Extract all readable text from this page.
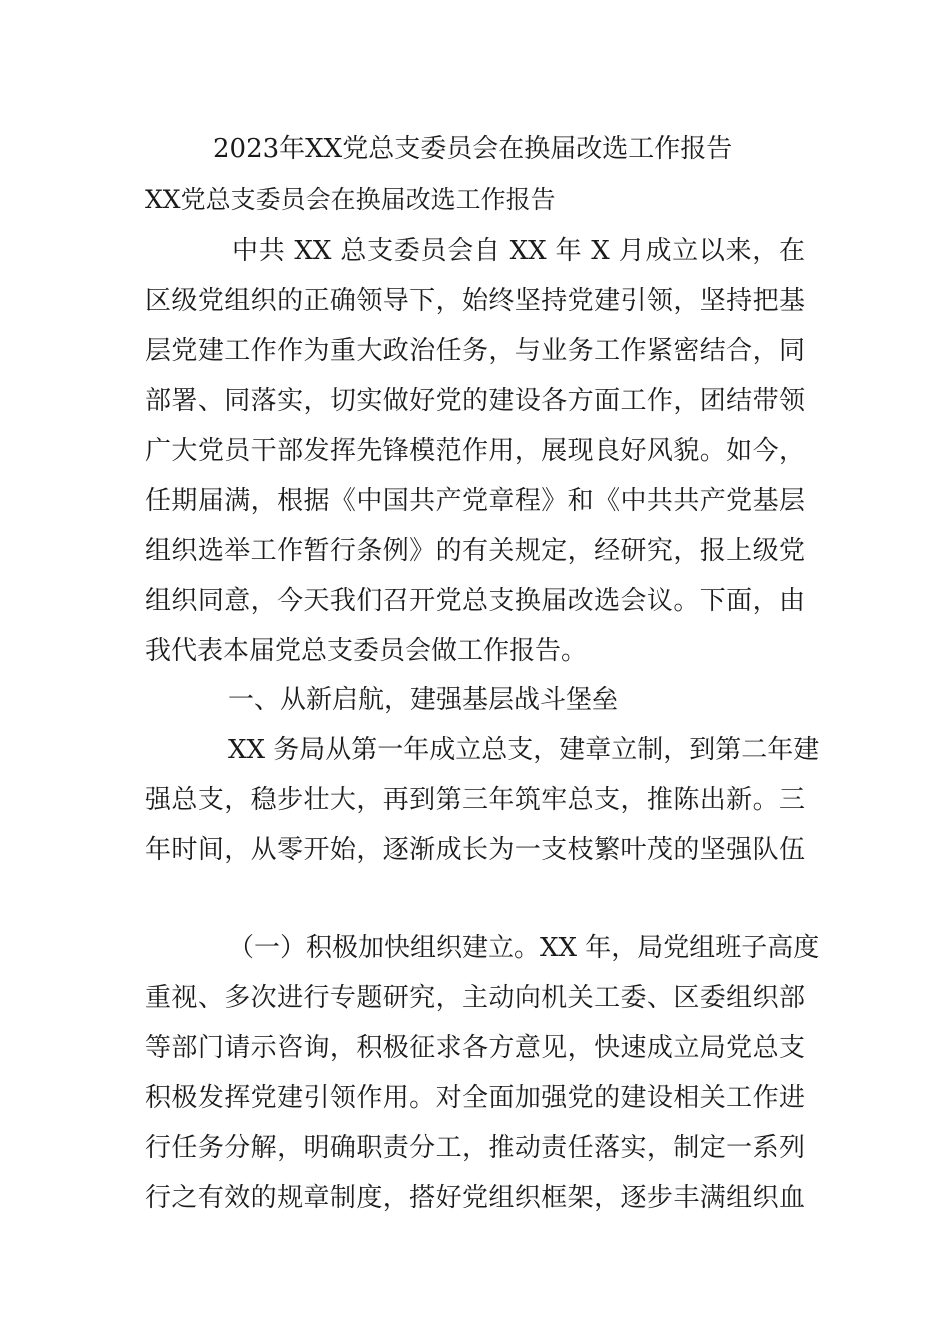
2023年XX党总支委员会在换届改选工作报告

XX党总支委员会在换届改选工作报告

中共 XX 总支委员会自 XX 年 X 月成立以来，在

区级党组织的正确领导下，始终坚持党建引领，坚持把基

层党建工作作为重大政治任务，与业务工作紧密结合，同

部署、同落实，切实做好党的建设各方面工作，团结带领

广大党员干部发挥先锋模范作用，展现良好风貌。如今，

任期届满，根据《中国共产党章程》和《中共共产党基层

组织选举工作暂行条例》的有关规定，经研究，报上级党

组织同意，今天我们召开党总支换届改选会议。下面，由

我代表本届党总支委员会做工作报告。

一、从新启航，建强基层战斗堡垒

XX 务局从第一年成立总支，建章立制，到第二年建

强总支，稳步壮大，再到第三年筑牢总支，推陈出新。三

年时间，从零开始，逐渐成长为一支枝繁叶茂的坚强队伍

（一）积极加快组织建立。XX 年，局党组班子高度

重视、多次进行专题研究，主动向机关工委、区委组织部

等部门请示咨询，积极征求各方意见，快速成立局党总支

积极发挥党建引领作用。对全面加强党的建设相关工作进

行任务分解，明确职责分工，推动责任落实，制定一系列

行之有效的规章制度，搭好党组织框架，逐步丰满组织血
